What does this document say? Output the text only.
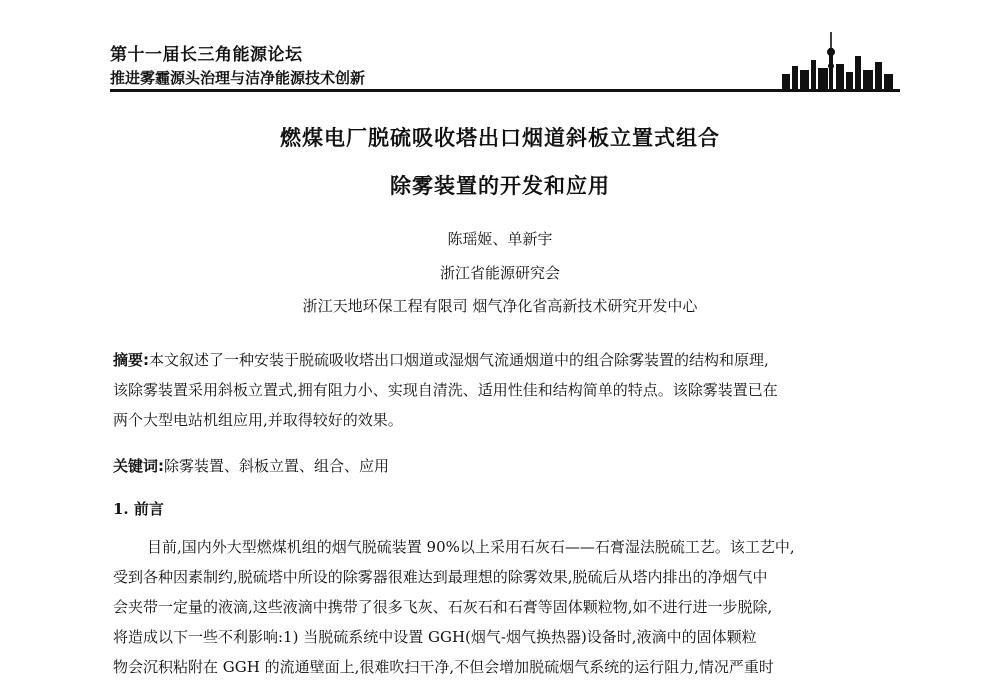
第十一届长三角能源论坛
推进雾霾源头治理与洁净能源技术创新
燃煤电厂脱硫吸收塔出口烟道斜板立置式组合
除雾装置的开发和应用
陈瑶姬、单新宇
浙江省能源研究会
浙江天地环保工程有限司 烟气净化省高新技术研究开发中心
摘要:本文叙述了一种安装于脱硫吸收塔出口烟道或湿烟气流通烟道中的组合除雾装置的结构和原理,
该除雾装置采用斜板立置式,拥有阻力小、实现自清洗、适用性佳和结构简单的特点。该除雾装置已在
两个大型电站机组应用,并取得较好的效果。
关键词:除雾装置、斜板立置、组合、应用
1. 前言
目前,国内外大型燃煤机组的烟气脱硫装置 90%以上采用石灰石——石膏湿法脱硫工艺。该工艺中,
受到各种因素制约,脱硫塔中所设的除雾器很难达到最理想的除雾效果,脱硫后从塔内排出的净烟气中
会夹带一定量的液滴,这些液滴中携带了很多飞灰、石灰石和石膏等固体颗粒物,如不进行进一步脱除,
将造成以下一些不利影响:1) 当脱硫系统中设置 GGH(烟气-烟气换热器)设备时,液滴中的固体颗粒
物会沉积粘附在 GGH 的流通壁面上,很难吹扫干净,不但会增加脱硫烟气系统的运行阻力,情况严重时
